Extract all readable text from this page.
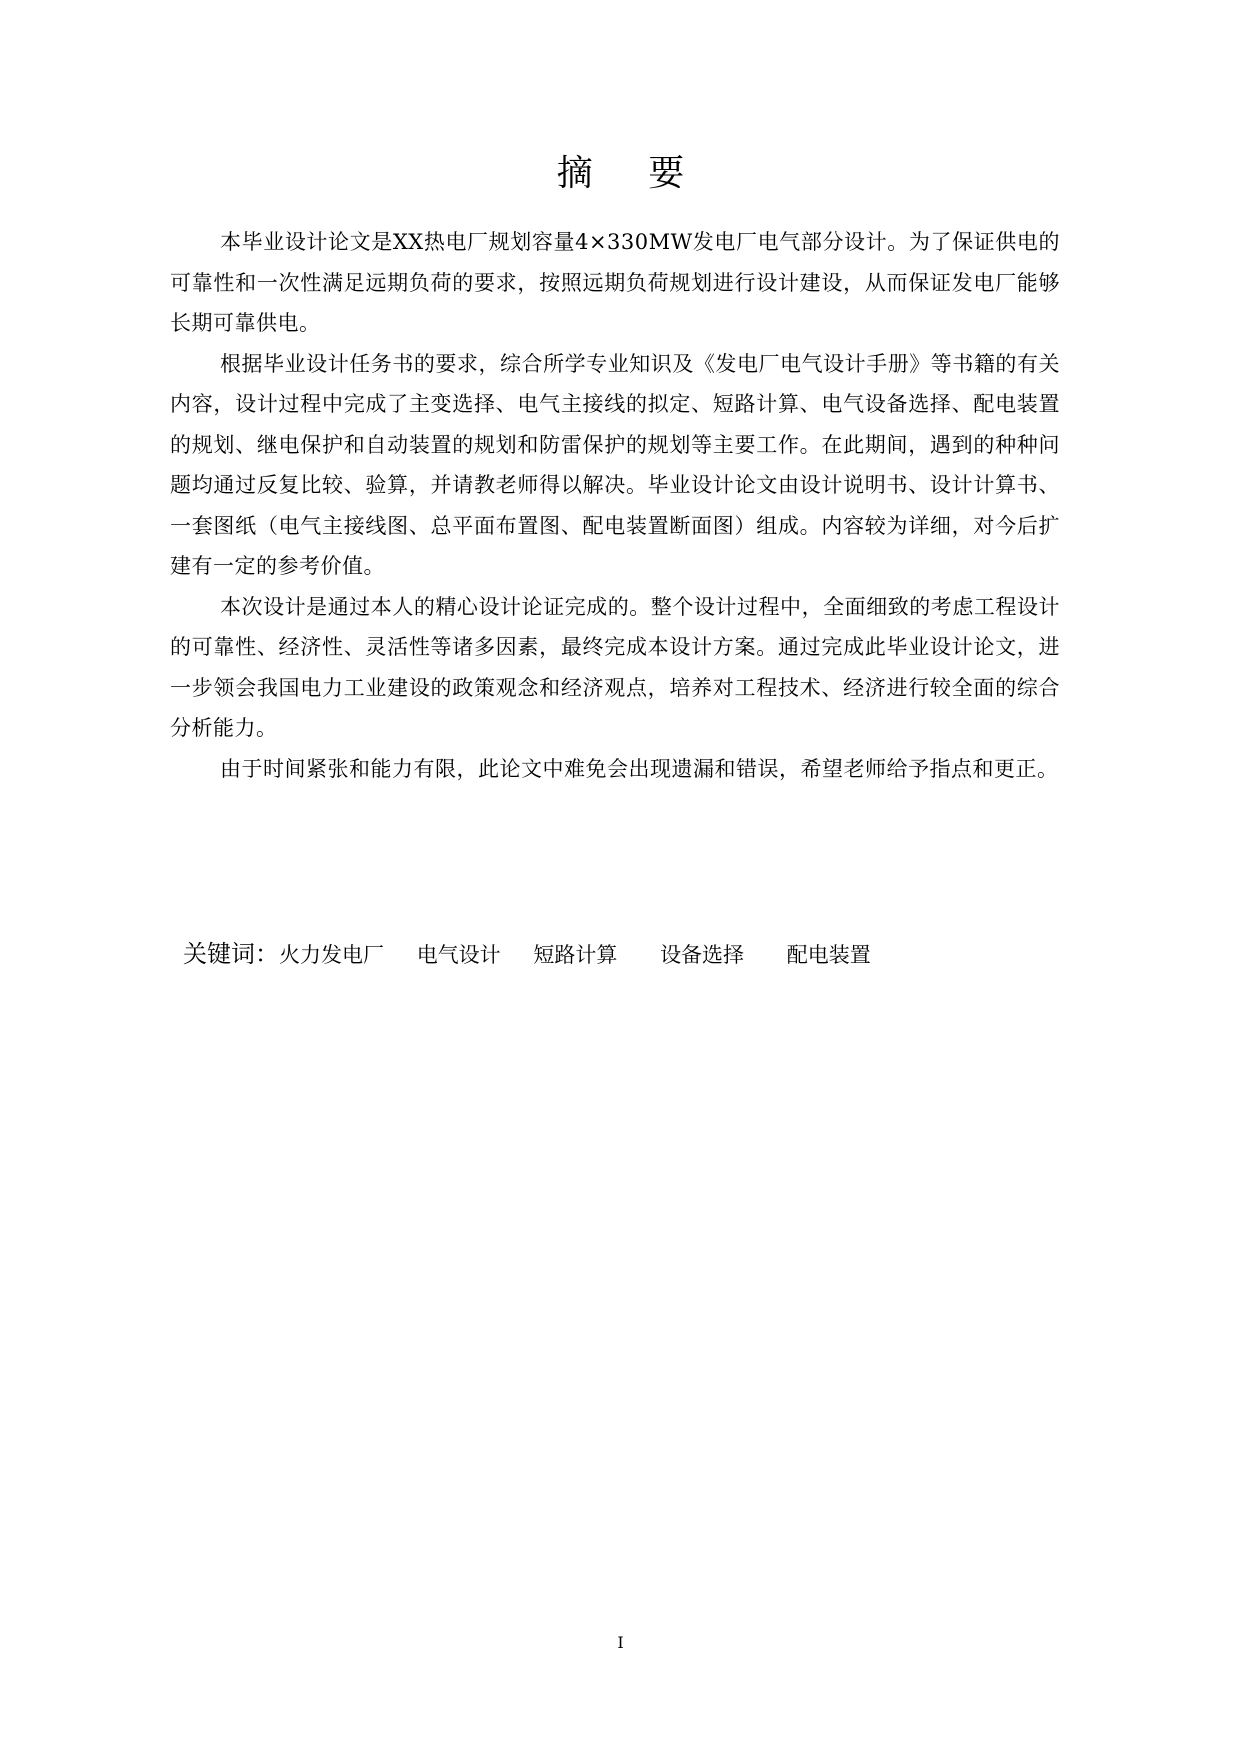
摘 要

本毕业设计论文是XX热电厂规划容量4×330MW发电厂电气部分设计。为了保证供电的可靠性和一次性满足远期负荷的要求，按照远期负荷规划进行设计建设，从而保证发电厂能够长期可靠供电。

根据毕业设计任务书的要求，综合所学专业知识及《发电厂电气设计手册》等书籍的有关内容，设计过程中完成了主变选择、电气主接线的拟定、短路计算、电气设备选择、配电装置的规划、继电保护和自动装置的规划和防雷保护的规划等主要工作。在此期间，遇到的种种问题均通过反复比较、验算，并请教老师得以解决。毕业设计论文由设计说明书、设计计算书、一套图纸（电气主接线图、总平面布置图、配电装置断面图）组成。内容较为详细，对今后扩建有一定的参考价值。

本次设计是通过本人的精心设计论证完成的。整个设计过程中，全面细致的考虑工程设计的可靠性、经济性、灵活性等诸多因素，最终完成本设计方案。通过完成此毕业设计论文，进一步领会我国电力工业建设的政策观念和经济观点，培养对工程技术、经济进行较全面的综合分析能力。

由于时间紧张和能力有限，此论文中难免会出现遗漏和错误，希望老师给予指点和更正。

关键词：火力发电厂 电气设计 短路计算 设备选择 配电装置
I
